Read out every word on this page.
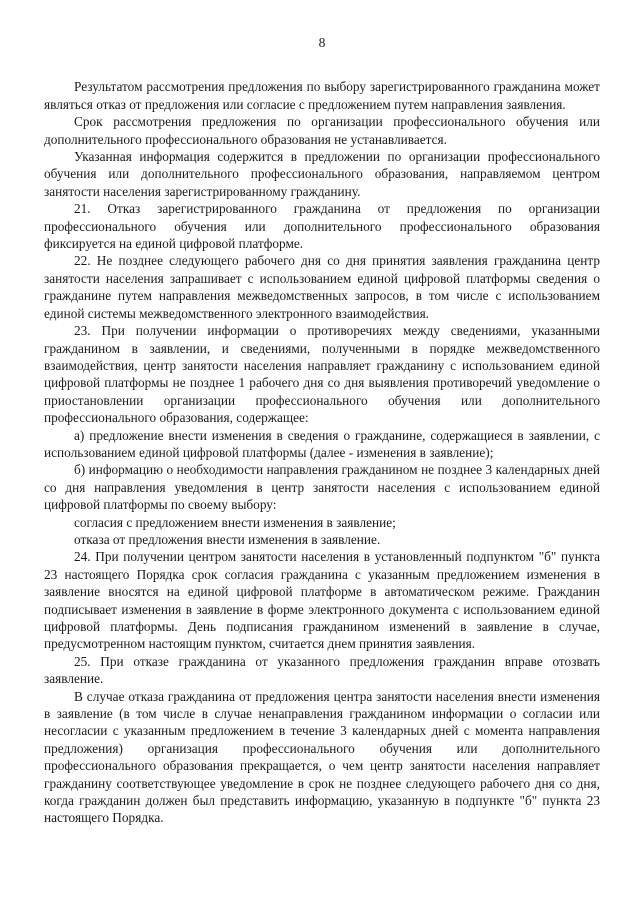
8

Результатом рассмотрения предложения по выбору зарегистрированного гражданина может являться отказ от предложения или согласие с предложением путем направления заявления.

Срок рассмотрения предложения по организации профессионального обучения или дополнительного профессионального образования не устанавливается.

Указанная информация содержится в предложении по организации профессионального обучения или дополнительного профессионального образования, направляемом центром занятости населения зарегистрированному гражданину.

21. Отказ зарегистрированного гражданина от предложения по организации профессионального обучения или дополнительного профессионального образования фиксируется на единой цифровой платформе.

22. Не позднее следующего рабочего дня со дня принятия заявления гражданина центр занятости населения запрашивает с использованием единой цифровой платформы сведения о гражданине путем направления межведомственных запросов, в том числе с использованием единой системы межведомственного электронного взаимодействия.

23. При получении информации о противоречиях между сведениями, указанными гражданином в заявлении, и сведениями, полученными в порядке межведомственного взаимодействия, центр занятости населения направляет гражданину с использованием единой цифровой платформы не позднее 1 рабочего дня со дня выявления противоречий уведомление о приостановлении организации профессионального обучения или дополнительного профессионального образования, содержащее:

а) предложение внести изменения в сведения о гражданине, содержащиеся в заявлении, с использованием единой цифровой платформы (далее - изменения в заявление);

б) информацию о необходимости направления гражданином не позднее 3 календарных дней со дня направления уведомления в центр занятости населения с использованием единой цифровой платформы по своему выбору:

согласия с предложением внести изменения в заявление;

отказа от предложения внести изменения в заявление.

24. При получении центром занятости населения в установленный подпунктом "б" пункта 23 настоящего Порядка срок согласия гражданина с указанным предложением изменения в заявление вносятся на единой цифровой платформе в автоматическом режиме. Гражданин подписывает изменения в заявление в форме электронного документа с использованием единой цифровой платформы. День подписания гражданином изменений в заявление в случае, предусмотренном настоящим пунктом, считается днем принятия заявления.

25. При отказе гражданина от указанного предложения гражданин вправе отозвать заявление.

В случае отказа гражданина от предложения центра занятости населения внести изменения в заявление (в том числе в случае ненаправления гражданином информации о согласии или несогласии с указанным предложением в течение 3 календарных дней с момента направления предложения) организация профессионального обучения или дополнительного профессионального образования прекращается, о чем центр занятости населения направляет гражданину соответствующее уведомление в срок не позднее следующего рабочего дня со дня, когда гражданин должен был представить информацию, указанную в подпункте "б" пункта 23 настоящего Порядка.
